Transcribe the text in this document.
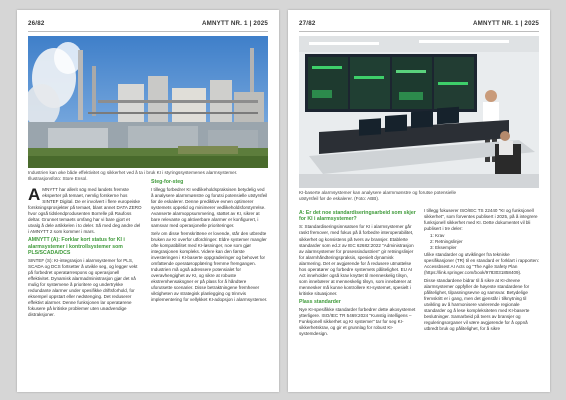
26/82	AMNYTT NR. 1 | 2025
Industrien kan øke både effektivitet og sikkerhet ved å ta i bruk KI i styringssystemenes alarmsystemer. Illustrasjonsfoto: Store Ensol.

AMNYTT har allerit sög med landets fremste eksperter på temaet, nemlig forskerne hos SINTEF Digital. De er involvert i flere europeiske forskningsprosjekter på temaet, blant annet DATA ZERO hvor også tidslendprodusenten Borrelle på Raufoss deltar. Grunnet temaets omfang har vi bare gjort et utvalg å dele artikkelen i to deler. Så med deg andre del i AMNYTT 2 som kommer i mars.

AMNYTT (A): Forklar kort status for KI i alarmsystemer i kontrollsystemer som PLS/SCADA/DCS

SINTEF (S): KI-integrasjon i alarmsystemer for PLS, SCADA og DCS fortsetter å utvikle seg, og legger vekt på forbedret operatørrespons og operasjonell effektivitet. Dynamisk alarmadministrasjon gjør det nå mulig for systemene å prioritere og undertrykke redundante alarmer under spesifikke driftsforhold, for eksempel oppstart eller nedstenging. Det reduserer effektivt alarmer. Denne funksjonen lar operatørene fokusere på kritiske problemer uten unødvendige distraksjoner.

Steg-for-steg

I tillegg forbedrer KI vedlikeholdspraksisen betydelig ved å analysere alarmmønstre og forutsi potensielle utstyrsfeil før de eskalerer. Denne prediktive evnen optimerer systemets oppetid og minimerer vedlikeholdsforstyrrelse. Avanserte alarmoppsummering, støttet av KI, sikrer at bare relevante og aktiverbare alarmer er konfigurert, i samsvar med operasjonelle prioriteringer.

Selv om disse fremskrittene er lovende, står den utbredte bruken av KI overfor utfordringer. Eldre systemer mangler ofte kompatibilitet med KI-løsninger, noe som gjør integrasjonen kompleks. Videre kan den første investeringen i KI-baserte oppgraderinger og behovet for omfattende operatøropplæring fremme fremgangen. Industrien må også adressere potensialet for overavhengighet av KI, og sikre at robuste ekstremhensaksgner er på plass for å håndtere uforutsette scenarier. Disse betraktningene fremhever viktigheten av strategisk planlegging og trinnvis implementering for vellykket KI-adopsjon i alarmsystemer.

27/82	AMNYTT NR. 1 | 2025
KI-baserte alarmsystemer kan analysere alarmmønstre og forutse potensielle utstyrsfeil før de eskalerer. (Foto: ABB).
A: Er det noe standardiseringsarbeid som skjer for KI i alarmsystemer?

S: Standardiseringsinnsatsen for KI i alarmsystemer går raskt fremover, med fokus på å forbedre interoperabilitet, sikkerhet og konsistens på tvers av bransjer. Etablerte standarder som ed.2 av IEC 62682:2022 "Administrasjon av alarmsystemer for prosessindustrien" gir retningslinjer for alarmhåndteringspraksis, spesielt dynamisk alarmering. Det er avgjørende for å redusere utmattelse hos operatører og forbedre systemets pålitelighet. EU AI Act inneholder også krav knyttet til menneskelig tilsyn, som innebærer at menneskelig tilsyn, som innebærer at mennesker må kunne kontrollere KI-systemet, spesielt i kritiske situasjoner.

Plass standarder

Nye KI-spesifikke standarder forbedrer dette økosystemet ytterligere. ISO/IEC TR 5469:2024 "Kunstig intelligens – Funksjonell sikkerhet og KI systemer" tar for seg KI-sikkerhetskrav, og gir et grunnlag for robust KI-systemdesign.

I tillegg fokuserer ISO/IEC TS 22440 "KI og funksjonell sikkerhet", som forventes publisert i 2025, på å integrere funksjonell sikkerhet med KI. Dette dokumentet vil bli publisert i tre deler:

1: Krav
2: Retningslinjer
3: Eksempler

Ulike standarder og utviklinger fra tekniske spesifikasjoner (TR) til en standard er forklart i rapporten: Accessbsest AI Acts og "The Agile Safety Plan (https://link.springer.com/book/9783031858409).

Disse standardene bidrar til å sikre at KI-drevne alarmsystemer oppfyller de høyeste standardene for pålitelighet, tilpasningsevne og samsvar. Betydelige fremskritt er i gang, men det gjenstår i tilknytning til utvikling av å harmonisere varierende regionale standarder og å lese kompleksiteten med KI-baserte beslutninger. Samarbeid på tvers av bransjer og reguleringsorganer vil være avgjørende for å oppnå utbredt bruk og pålitelighet, for å sikre
